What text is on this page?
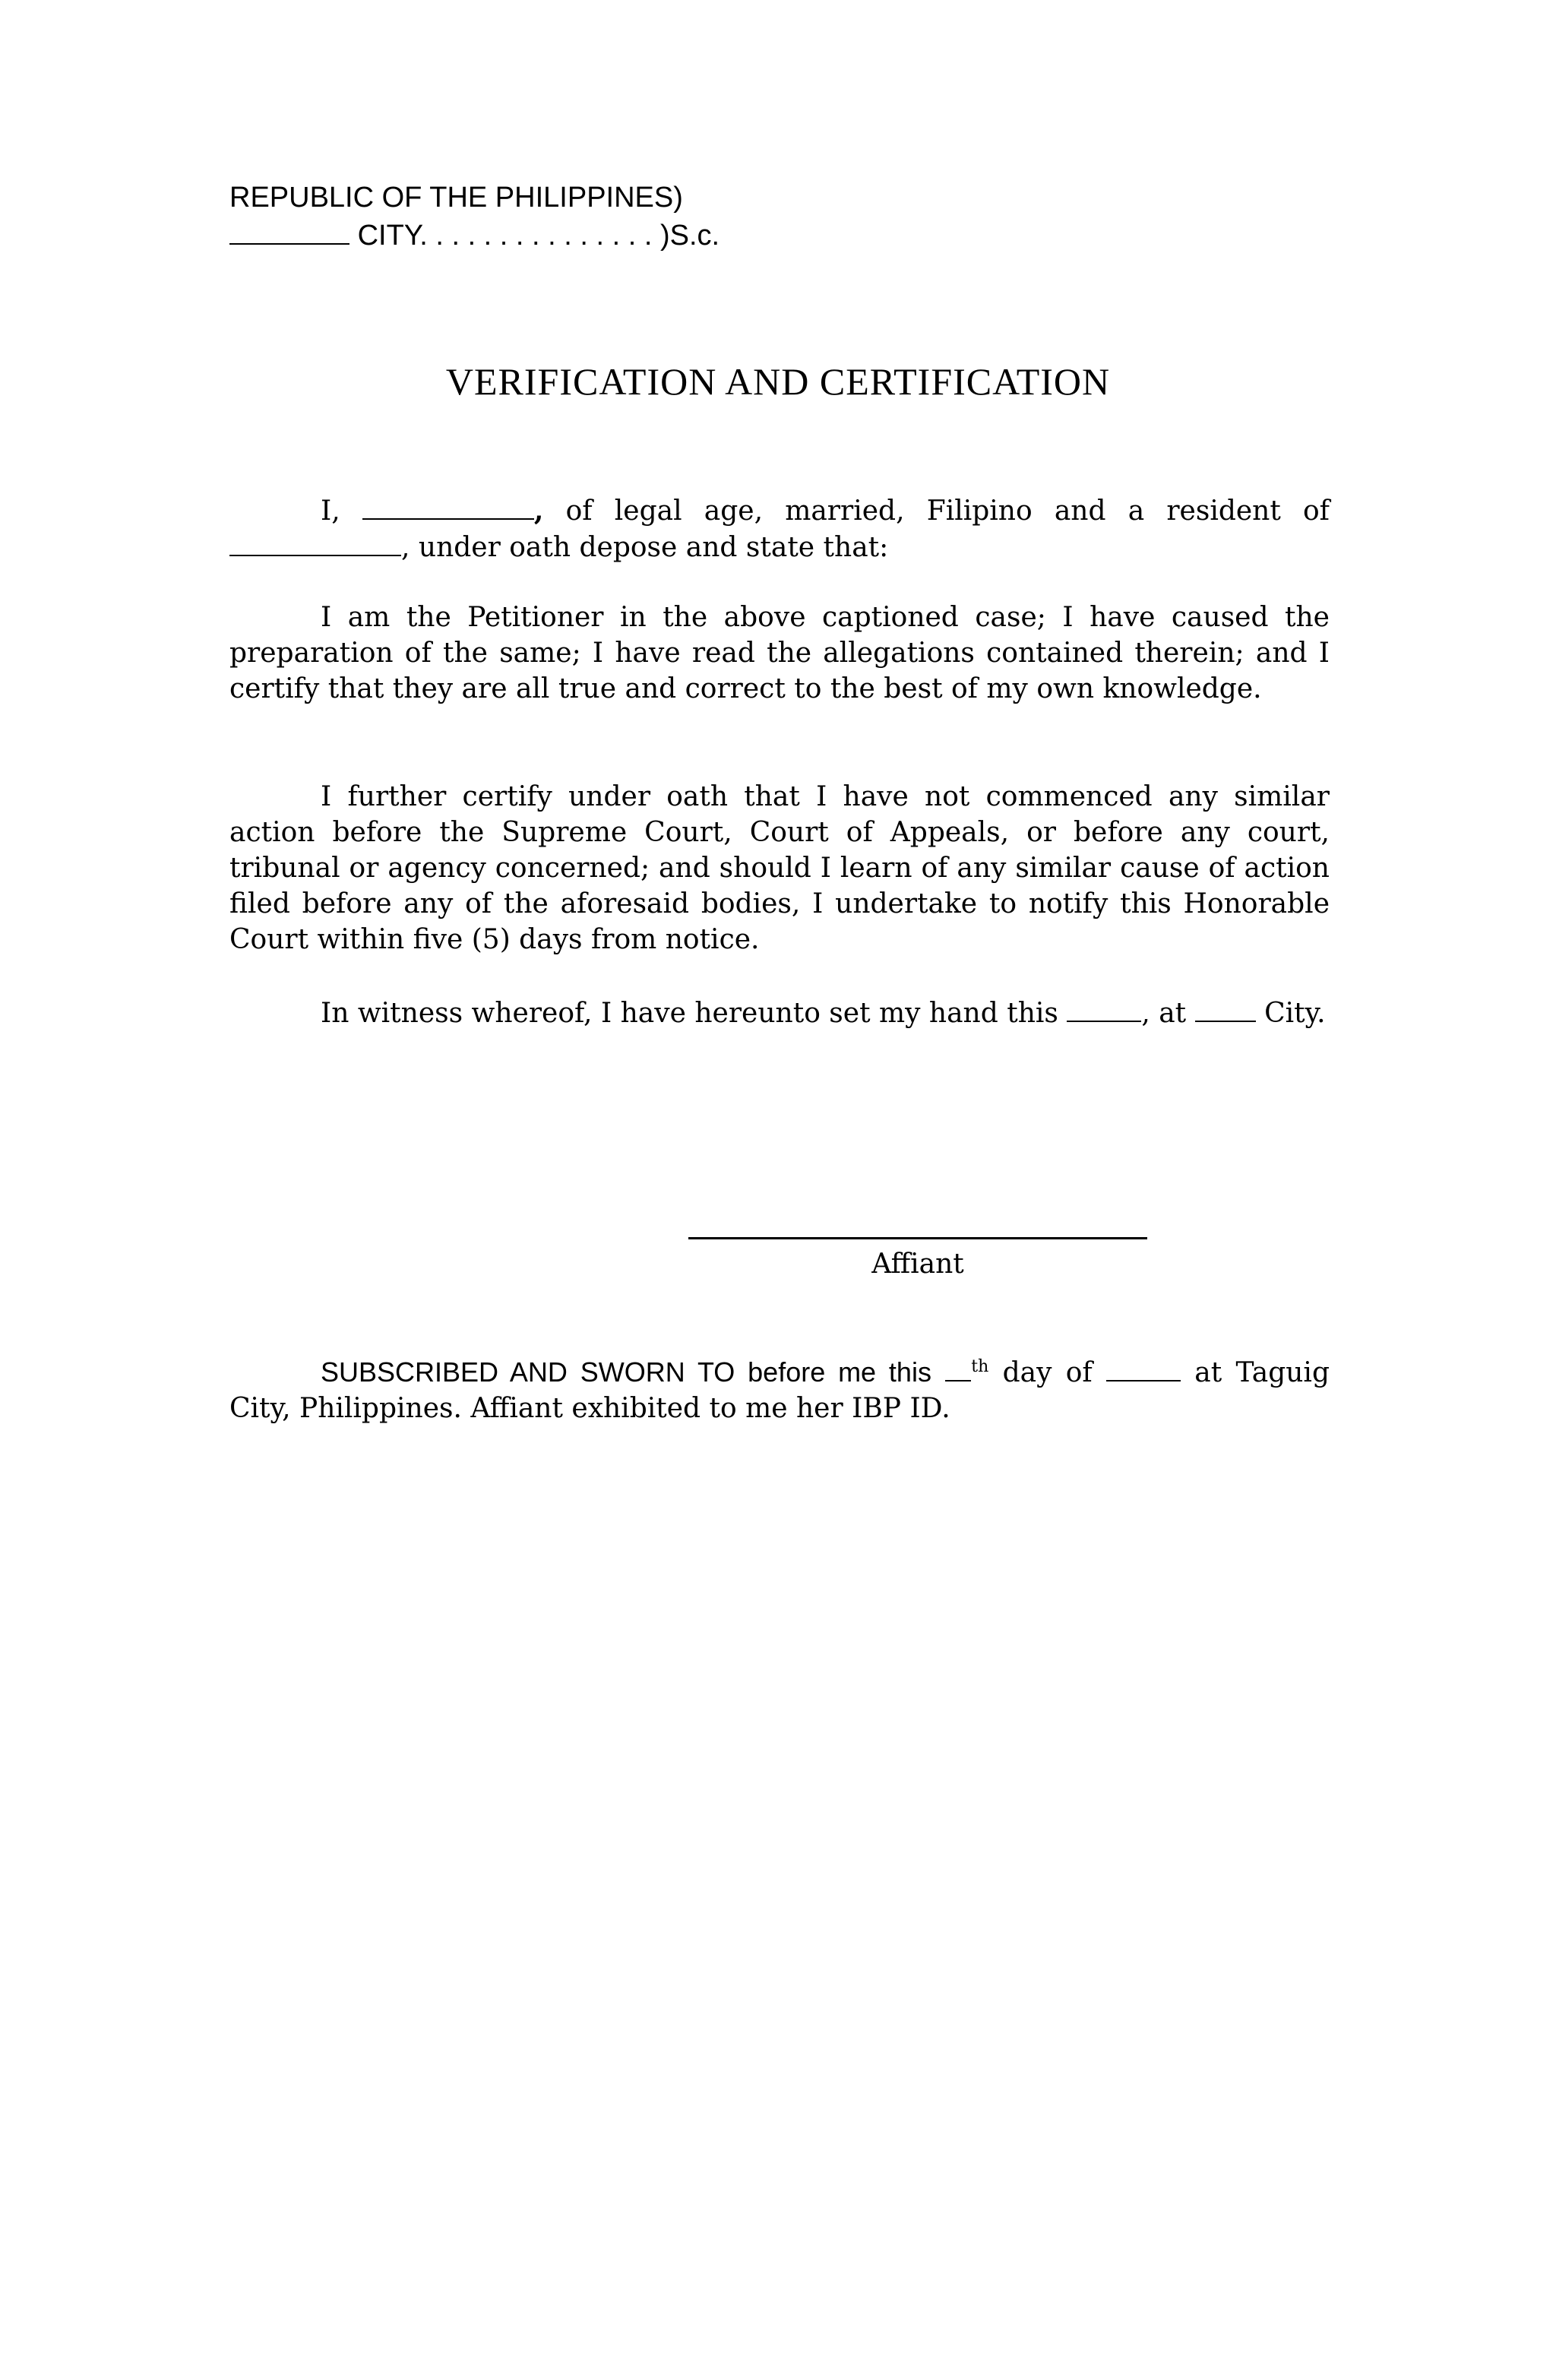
REPUBLIC OF THE PHILIPPINES)
CITY. . . . . . . . . . . . . . . )S.c.
VERIFICATION AND CERTIFICATION
I,	, of legal age, married, Filipino and a resident of , under oath depose and state that:
I am the Petitioner in the above captioned case; I have caused the preparation of the same; I have read the allegations contained therein; and I certify that they are all true and correct to the best of my own knowledge.
I further certify under oath that I have not commenced any similar action before the Supreme Court, Court of Appeals, or before any court, tribunal or agency concerned; and should I learn of any similar cause of action filed before any of the aforesaid bodies, I undertake to notify this Honorable Court within five (5) days from notice.
In witness whereof, I have hereunto set my hand this	, at	City.
Affiant
SUBSCRIBED AND SWORN TO before me this $^{th}$ day of	at Taguig City, Philippines. Affiant exhibited to me her IBP ID.
